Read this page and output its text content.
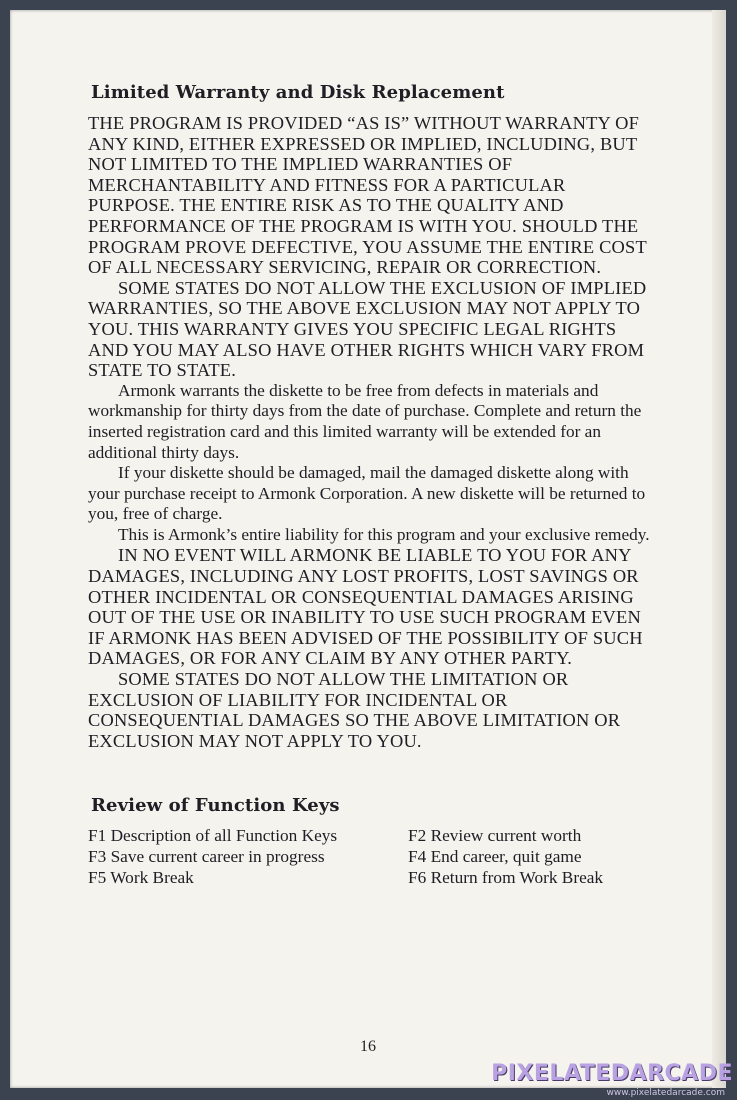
Limited Warranty and Disk Replacement

THE PROGRAM IS PROVIDED “AS IS” WITHOUT WARRANTY OF ANY KIND, EITHER EXPRESSED OR IMPLIED, INCLUDING, BUT NOT LIMITED TO THE IMPLIED WARRANTIES OF MERCHANTABILITY AND FITNESS FOR A PARTICULAR PURPOSE. THE ENTIRE RISK AS TO THE QUALITY AND PERFORMANCE OF THE PROGRAM IS WITH YOU. SHOULD THE PROGRAM PROVE DEFECTIVE, YOU ASSUME THE ENTIRE COST OF ALL NECESSARY SERVICING, REPAIR OR CORRECTION.

SOME STATES DO NOT ALLOW THE EXCLUSION OF IMPLIED WARRANTIES, SO THE ABOVE EXCLUSION MAY NOT APPLY TO YOU. THIS WARRANTY GIVES YOU SPECIFIC LEGAL RIGHTS AND YOU MAY ALSO HAVE OTHER RIGHTS WHICH VARY FROM STATE TO STATE.

Armonk warrants the diskette to be free from defects in materials and workmanship for thirty days from the date of purchase. Complete and return the inserted registration card and this limited warranty will be extended for an additional thirty days.

If your diskette should be damaged, mail the damaged diskette along with your purchase receipt to Armonk Corporation. A new diskette will be returned to you, free of charge.

This is Armonk’s entire liability for this program and your exclusive remedy.

IN NO EVENT WILL ARMONK BE LIABLE TO YOU FOR ANY DAMAGES, INCLUDING ANY LOST PROFITS, LOST SAVINGS OR OTHER INCIDENTAL OR CONSEQUENTIAL DAMAGES ARISING OUT OF THE USE OR INABILITY TO USE SUCH PROGRAM EVEN IF ARMONK HAS BEEN ADVISED OF THE POSSIBILITY OF SUCH DAMAGES, OR FOR ANY CLAIM BY ANY OTHER PARTY.

SOME STATES DO NOT ALLOW THE LIMITATION OR EXCLUSION OF LIABILITY FOR INCIDENTAL OR CONSEQUENTIAL DAMAGES SO THE ABOVE LIMITATION OR EXCLUSION MAY NOT APPLY TO YOU.

Review of Function Keys
F1 Description of all Function Keys	F2 Review current worth
F3 Save current career in progress	F4 End career, quit game
F5 Work Break	F6 Return from Work Break
16
PIXELATEDARCADE
www.pixelatedarcade.com
